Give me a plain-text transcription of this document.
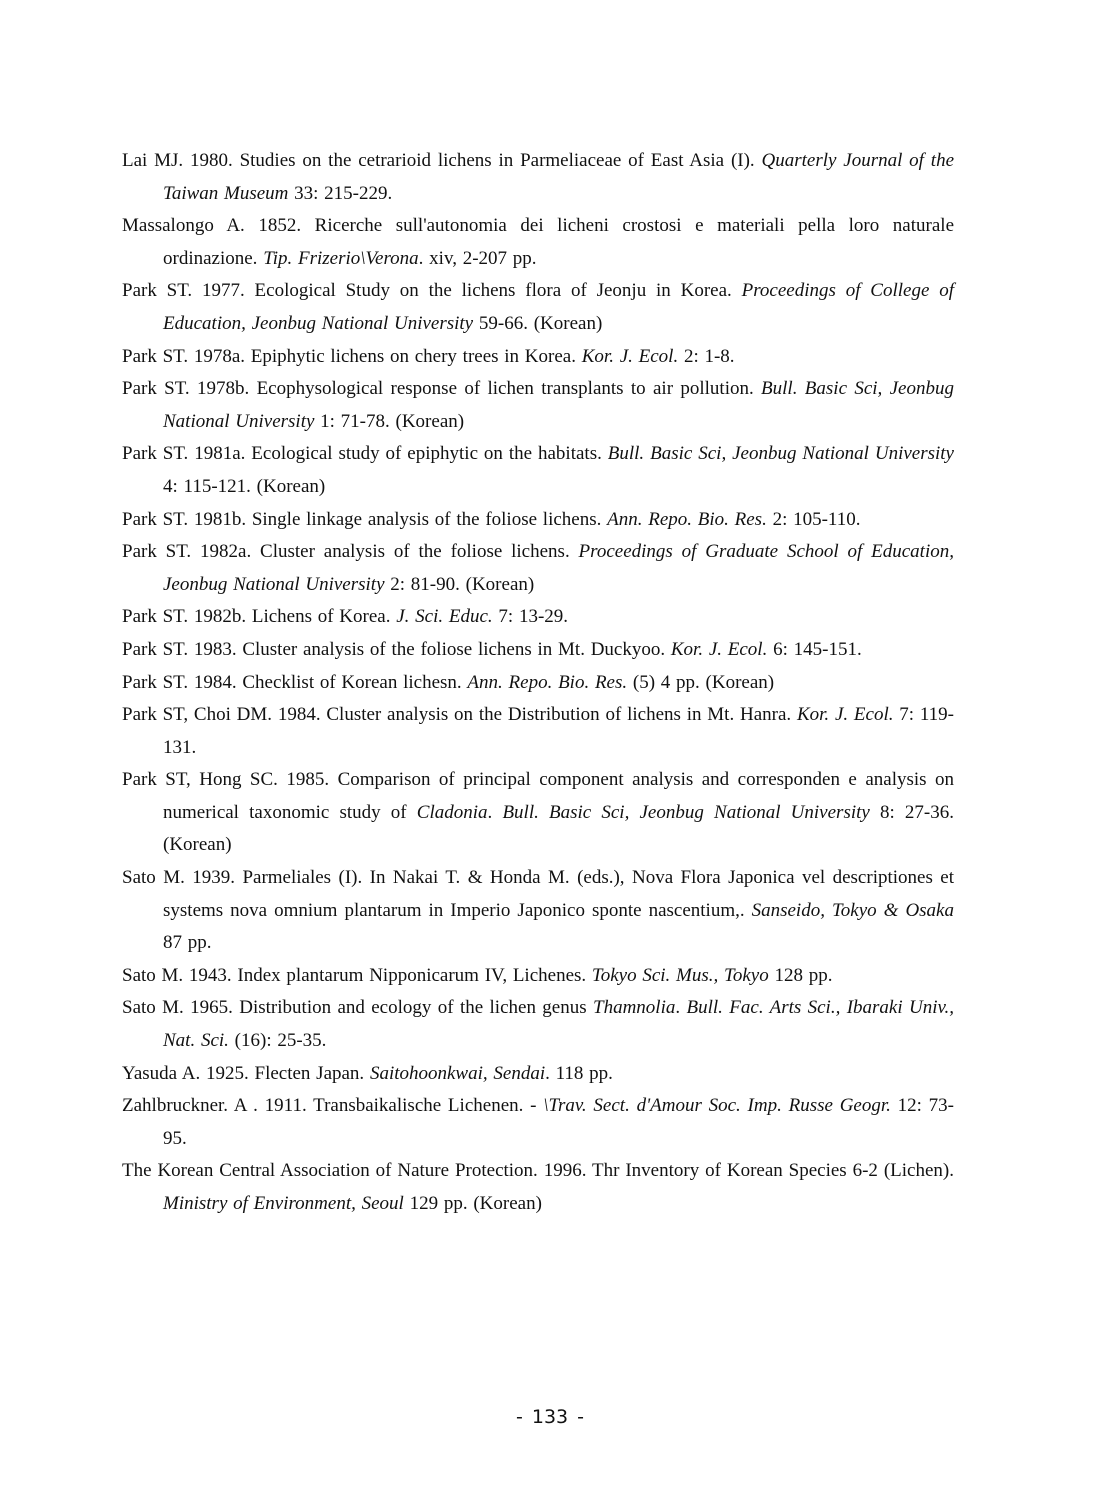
Lai MJ. 1980. Studies on the cetrarioid lichens in Parmeliaceae of East Asia (I). Quarterly Journal of the Taiwan Museum 33: 215-229.
Massalongo A. 1852. Ricerche sull'autonomia dei licheni crostosi e materiali pella loro naturale ordinazione. Tip. Frizerio\Verona. xiv, 2-207 pp.
Park ST. 1977. Ecological Study on the lichens flora of Jeonju in Korea. Proceedings of College of Education, Jeonbug National University 59-66. (Korean)
Park ST. 1978a. Epiphytic lichens on chery trees in Korea. Kor. J. Ecol. 2: 1-8.
Park ST. 1978b. Ecophysological response of lichen transplants to air pollution. Bull. Basic Sci, Jeonbug National University 1: 71-78. (Korean)
Park ST. 1981a. Ecological study of epiphytic on the habitats. Bull. Basic Sci, Jeonbug National University 4: 115-121. (Korean)
Park ST. 1981b. Single linkage analysis of the foliose lichens. Ann. Repo. Bio. Res. 2: 105-110.
Park ST. 1982a. Cluster analysis of the foliose lichens. Proceedings of Graduate School of Education, Jeonbug National University 2: 81-90. (Korean)
Park ST. 1982b. Lichens of Korea. J. Sci. Educ. 7: 13-29.
Park ST. 1983. Cluster analysis of the foliose lichens in Mt. Duckyoo. Kor. J. Ecol. 6: 145-151.
Park ST. 1984. Checklist of Korean lichesn. Ann. Repo. Bio. Res. (5) 4 pp. (Korean)
Park ST, Choi DM. 1984. Cluster analysis on the Distribution of lichens in Mt. Hanra. Kor. J. Ecol. 7: 119-131.
Park ST, Hong SC. 1985. Comparison of principal component analysis and corresponden e analysis on numerical taxonomic study of Cladonia. Bull. Basic Sci, Jeonbug National University 8: 27-36. (Korean)
Sato M. 1939. Parmeliales (I). In Nakai T. & Honda M. (eds.), Nova Flora Japonica vel descriptiones et systems nova omnium plantarum in Imperio Japonico sponte nascentium,. Sanseido, Tokyo & Osaka 87 pp.
Sato M. 1943. Index plantarum Nipponicarum IV, Lichenes. Tokyo Sci. Mus., Tokyo 128 pp.
Sato M. 1965. Distribution and ecology of the lichen genus Thamnolia. Bull. Fac. Arts Sci., Ibaraki Univ., Nat. Sci. (16): 25-35.
Yasuda A. 1925. Flecten Japan. Saitohoonkwai, Sendai. 118 pp.
Zahlbruckner. A . 1911. Transbaikalische Lichenen. - \Trav. Sect. d'Amour Soc. Imp. Russe Geogr. 12: 73-95.
The Korean Central Association of Nature Protection. 1996. Thr Inventory of Korean Species 6-2 (Lichen). Ministry of Environment, Seoul 129 pp. (Korean)
- 133 -
